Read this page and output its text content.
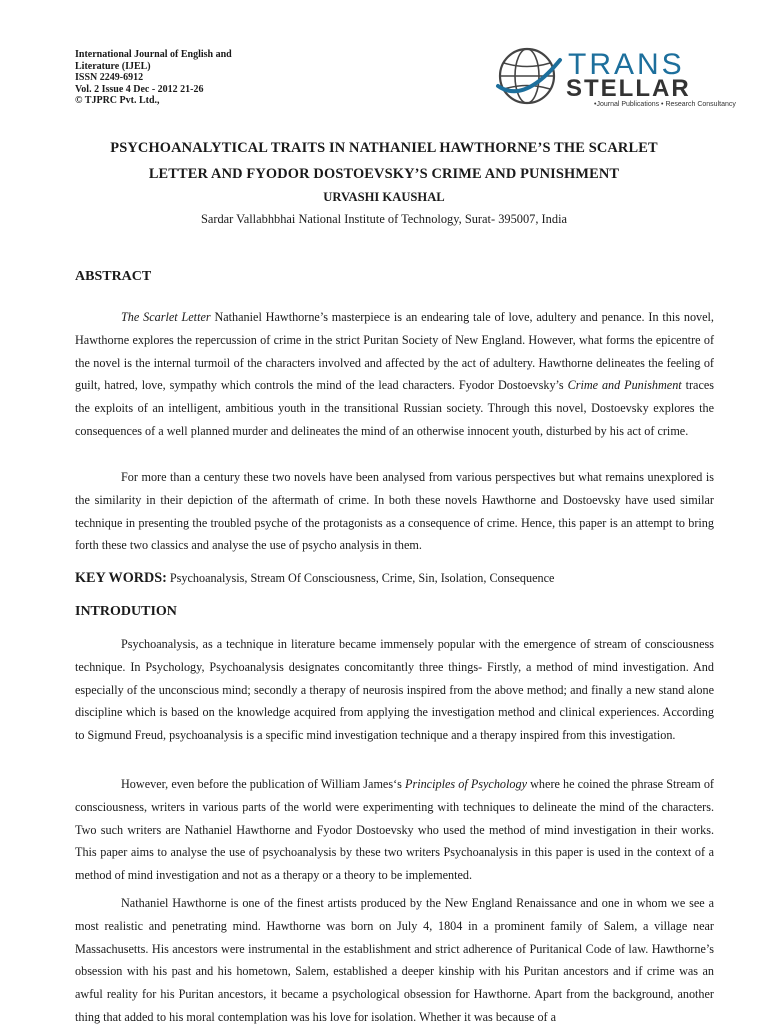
International Journal of English and
Literature (IJEL)
ISSN 2249-6912
Vol. 2 Issue 4 Dec - 2012 21-26
© TJPRC Pvt. Ltd.,
TRANS
STELLAR
•Journal Publications • Research Consultancy
PSYCHOANALYTICAL TRAITS IN NATHANIEL HAWTHORNE’S THE SCARLET
LETTER AND FYODOR DOSTOEVSKY’S CRIME AND PUNISHMENT
URVASHI KAUSHAL
Sardar Vallabhbhai National Institute of Technology, Surat- 395007, India
ABSTRACT

The Scarlet Letter Nathaniel Hawthorne’s masterpiece is an endearing tale of love, adultery and penance. In this novel, Hawthorne explores the repercussion of crime in the strict Puritan Society of New England. However, what forms the epicentre of the novel is the internal turmoil of the characters involved and affected by the act of adultery. Hawthorne delineates the feeling of guilt, hatred, love, sympathy which controls the mind of the lead characters. Fyodor Dostoevsky’s Crime and Punishment traces the exploits of an intelligent, ambitious youth in the transitional Russian society. Through this novel, Dostoevsky explores the consequences of a well planned murder and delineates the mind of an otherwise innocent youth, disturbed by his act of crime.

For more than a century these two novels have been analysed from various perspectives but what remains unexplored is the similarity in their depiction of the aftermath of crime. In both these novels Hawthorne and Dostoevsky have used similar technique in presenting the troubled psyche of the protagonists as a consequence of crime. Hence, this paper is an attempt to bring forth these two classics and analyse the use of psycho analysis in them.

KEY WORDS: Psychoanalysis, Stream Of Consciousness, Crime, Sin, Isolation, Consequence
INTRODUTION

Psychoanalysis, as a technique in literature became immensely popular with the emergence of stream of consciousness technique. In Psychology, Psychoanalysis designates concomitantly three things- Firstly, a method of mind investigation. And especially of the unconscious mind; secondly a therapy of neurosis inspired from the above method; and finally a new stand alone discipline which is based on the knowledge acquired from applying the investigation method and clinical experiences. According to Sigmund Freud, psychoanalysis is a specific mind investigation technique and a therapy inspired from this investigation.

However, even before the publication of William James‘s Principles of Psychology where he coined the phrase Stream of consciousness, writers in various parts of the world were experimenting with techniques to delineate the mind of the characters. Two such writers are Nathaniel Hawthorne and Fyodor Dostoevsky who used the method of mind investigation in their works. This paper aims to analyse the use of psychoanalysis by these two writers Psychoanalysis in this paper is used in the context of a method of mind investigation and not as a therapy or a theory to be implemented.

Nathaniel Hawthorne is one of the finest artists produced by the New England Renaissance and one in whom we see a most realistic and penetrating mind. Hawthorne was born on July 4, 1804 in a prominent family of Salem, a village near Massachusetts. His ancestors were instrumental in the establishment and strict adherence of Puritanical Code of law. Hawthorne’s obsession with his past and his hometown, Salem, established a deeper kinship with his Puritan ancestors and if crime was an awful reality for his Puritan ancestors, it became a psychological obsession for Hawthorne. Apart from the background, another thing that added to his moral contemplation was his love for isolation. Whether it was because of a
